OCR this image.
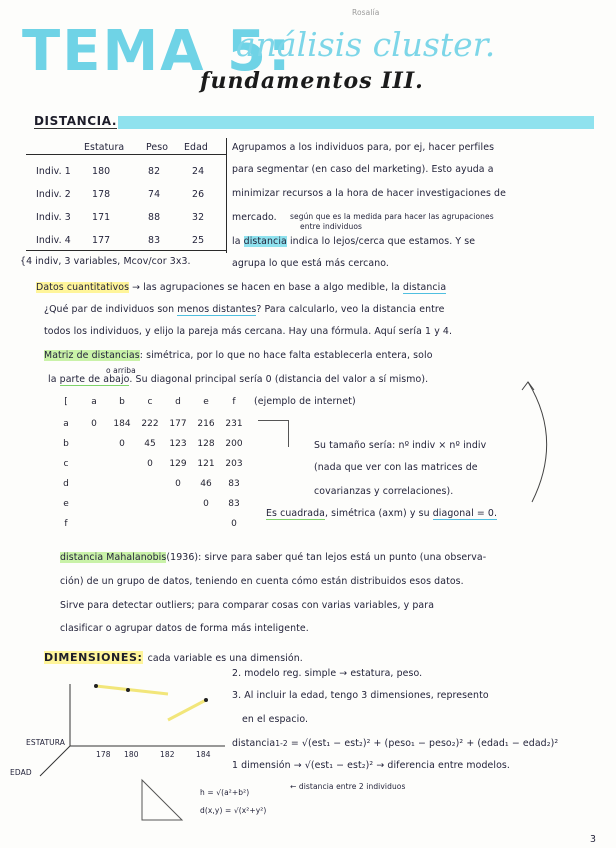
Rosalía
TEMA 5:
análisis cluster.
fundamentos III.
DISTANCIA.
Estatura Peso Edad
Indiv. 1 180	82	24
Indiv. 2 178	74	26
Indiv. 3 171	88	32
Indiv. 4 177	83	25
{4 indiv, 3 variables, Mcov/cor 3x3.
Agrupamos a los individuos para, por ej, hacer perfiles
para segmentar (en caso del marketing). Esto ayuda a
minimizar recursos a la hora de hacer investigaciones de
mercado. según que es la medida para hacer las agrupaciones
entre individuos
la distancia indica lo lejos/cerca que estamos. Y se
agrupa lo que está más cercano.
Datos cuantitativos → las agrupaciones se hacen en base a algo medible, la distancia
¿Qué par de individuos son menos distantes? Para calcularlo, veo la distancia entre
todos los individuos, y elijo la pareja más cercana. Hay una fórmula. Aquí sería 1 y 4.
Matriz de distancias: simétrica, por lo que no hace falta establecerla entera, solo
o arriba
la parte de abajo. Su diagonal principal sería 0 (distancia del valor a sí mismo).
[	a	b	c	d	e	f (ejemplo de internet)
a	0	184	222	177	216	231
b		0	45	123	128	200
c			0	129	121	203
d				0	46	83
e					0	83
f						0
Su tamaño sería: nº indiv × nº indiv
(nada que ver con las matrices de
covarianzas y correlaciones).
Es cuadrada, simétrica (axm) y su diagonal = 0.
distancia Mahalanobis(1936): sirve para saber qué tan lejos está un punto (una observa-
ción) de un grupo de datos, teniendo en cuenta cómo están distribuidos esos datos.
Sirve para detectar outliers; para comparar cosas con varias variables, y para
clasificar o agrupar datos de forma más inteligente.
DIMENSIONES: cada variable es una dimensión.
2. modelo reg. simple → estatura, peso.
3. Al incluir la edad, tengo 3 dimensiones, represento
en el espacio.
distancia1-2 = √(est₁ − est₂)² + (peso₁ − peso₂)² + (edad₁ − edad₂)²
1 dimensión → √(est₁ − est₂)² → diferencia entre modelos.
ESTATURA
EDAD
178 180	182	184
h = √(a²+b²)
d(x,y) = √(x²+y²)
← distancia entre 2 individuos
3
